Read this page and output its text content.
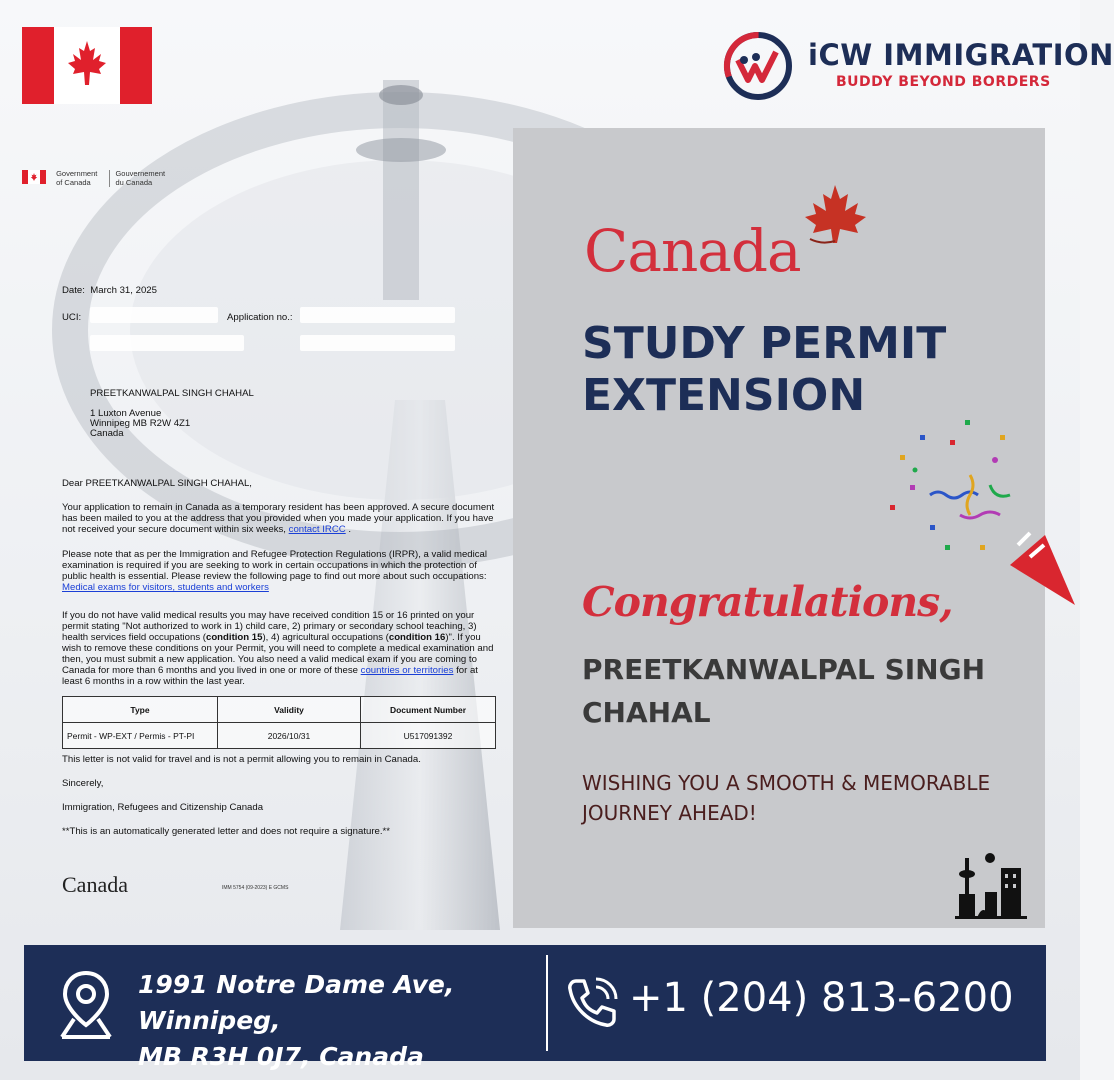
iCW IMMIGRATION
BUDDY BEYOND BORDERS
Government
of Canada Gouvernement
du Canada
Date: March 31, 2025
UCI:	Application no.:
PREETKANWALPAL SINGH CHAHAL
1 Luxton Avenue
Winnipeg MB R2W 4Z1
Canada
Dear PREETKANWALPAL SINGH CHAHAL,
Your application to remain in Canada as a temporary resident has been approved. A secure document has been mailed to you at the address that you provided when you made your application. If you have not received your secure document within six weeks, contact IRCC .
Please note that as per the Immigration and Refugee Protection Regulations (IRPR), a valid medical examination is required if you are seeking to work in certain occupations in which the protection of public health is essential. Please review the following page to find out more about such occupations: Medical exams for visitors, students and workers
If you do not have valid medical results you may have received condition 15 or 16 printed on your permit stating "Not authorized to work in 1) child care, 2) primary or secondary school teaching, 3) health services field occupations (condition 15), 4) agricultural occupations (condition 16)". If you wish to remove these conditions on your Permit, you will need to complete a medical examination and then, you must submit a new application. You also need a valid medical exam if you are coming to Canada for more than 6 months and you lived in one or more of these countries or territories for at least 6 months in a row within the last year.
Type	Validity	Document Number
Permit - WP-EXT / Permis - PT-PI	2026/10/31	U517091392
This letter is not valid for travel and is not a permit allowing you to remain in Canada.
Sincerely,
Immigration, Refugees and Citizenship Canada
**This is an automatically generated letter and does not require a signature.**
Canada	IMM 5754 (09-2023) E GCMS
Canada
STUDY PERMIT
EXTENSION
Congratulations,
PREETKANWALPAL SINGH CHAHAL
WISHING YOU A SMOOTH & MEMORABLE JOURNEY AHEAD!
1991 Notre Dame Ave, Winnipeg,
MB R3H 0J7, Canada
+1 (204) 813-6200
